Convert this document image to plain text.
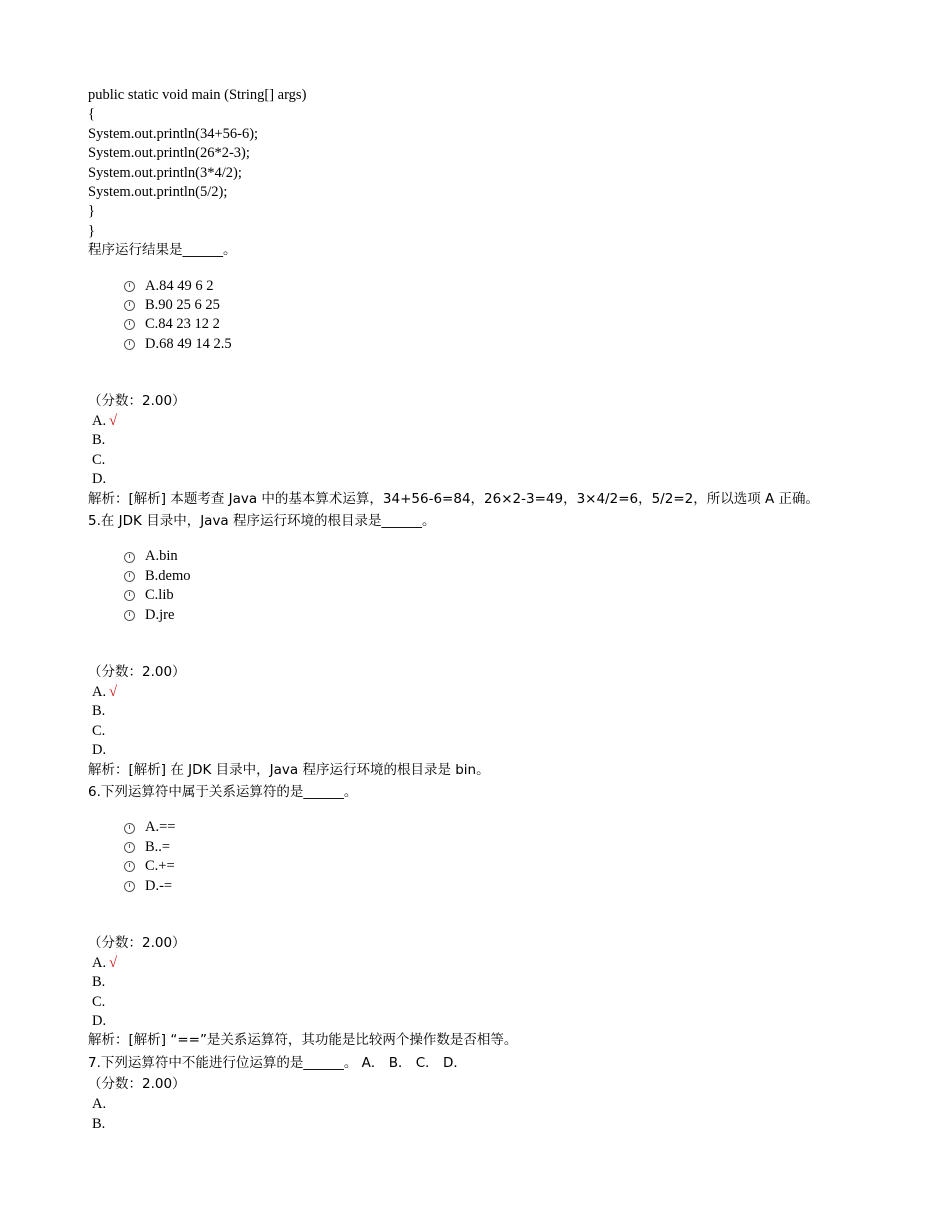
public static void main (String[] args)
{
System.out.println(34+56-6);
System.out.println(26*2-3);
System.out.println(3*4/2);
System.out.println(5/2);
}
}
程序运行结果是______。
A.84 49 6 2
B.90 25 6 25
C.84 23 12 2
D.68 49 14 2.5
（分数：2.00）
A. √
B.
C.
D.
解析：[解析] 本题考查 Java 中的基本算术运算，34+56-6=84，26×2-3=49，3×4/2=6，5/2=2，所以选项 A 正确。
5.在 JDK 目录中，Java 程序运行环境的根目录是______。
A.bin
B.demo
C.lib
D.jre
（分数：2.00）
A. √
B.
C.
D.
解析：[解析] 在 JDK 目录中，Java 程序运行环境的根目录是 bin。
6.下列运算符中属于关系运算符的是______。
A.==
B..=
C.+=
D.-=
（分数：2.00）
A. √
B.
C.
D.
解析：[解析] “==”是关系运算符，其功能是比较两个操作数是否相等。
7.下列运算符中不能进行位运算的是______。 A． B． C． D．
（分数：2.00）
A.
B.
